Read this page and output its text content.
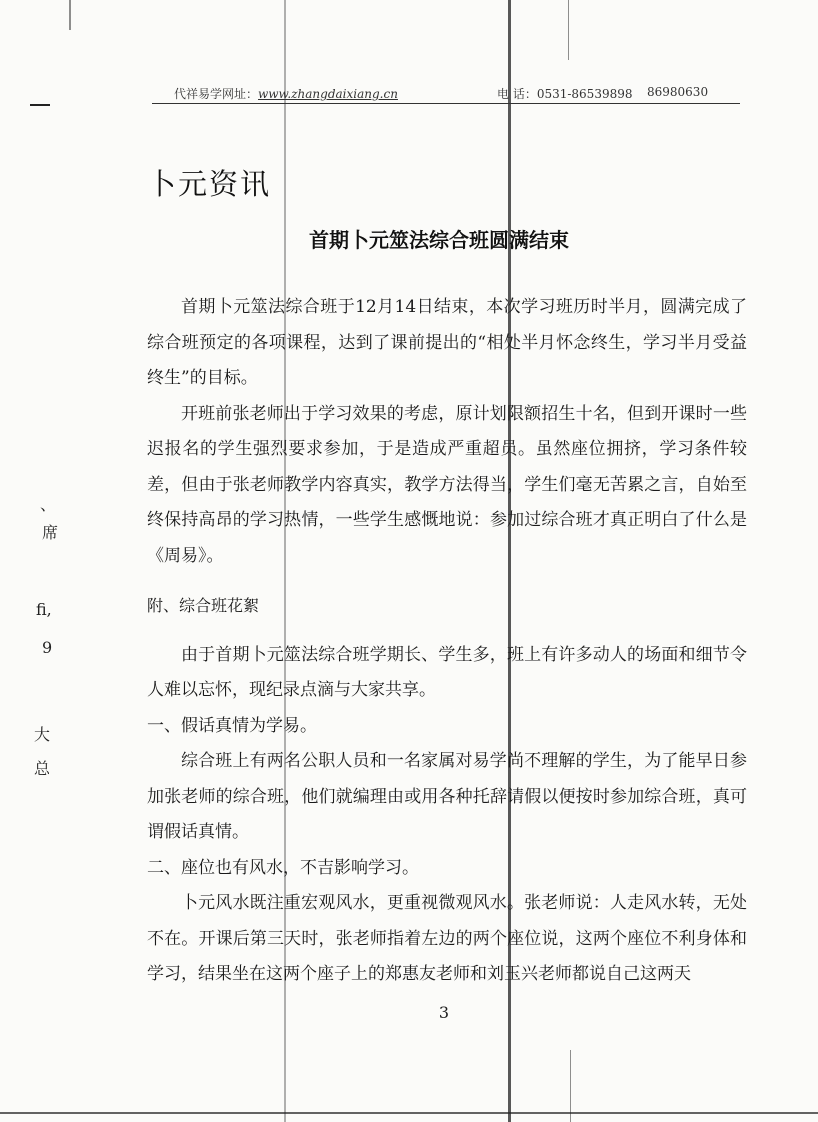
代祥易学网址：www.zhangdaixiang.cn	电 话：0531-86539898 86980630
卜元资讯
首期卜元筮法综合班圆满结束

首期卜元筮法综合班于12月14日结束，本次学习班历时半月，圆满完成了综合班预定的各项课程，达到了课前提出的“相处半月怀念终生，学习半月受益终生”的目标。

开班前张老师出于学习效果的考虑，原计划限额招生十名，但到开课时一些迟报名的学生强烈要求参加，于是造成严重超员。虽然座位拥挤，学习条件较差，但由于张老师教学内容真实，教学方法得当，学生们毫无苦累之言，自始至终保持高昂的学习热情，一些学生感慨地说：参加过综合班才真正明白了什么是《周易》。

附、综合班花絮

由于首期卜元筮法综合班学期长、学生多，班上有许多动人的场面和细节令人难以忘怀，现纪录点滴与大家共享。

一、假话真情为学易。

综合班上有两名公职人员和一名家属对易学尚不理解的学生，为了能早日参加张老师的综合班，他们就编理由或用各种托辞请假以便按时参加综合班，真可谓假话真情。

二、座位也有风水，不吉影响学习。

卜元风水既注重宏观风水，更重视微观风水。张老师说：人走风水转，无处不在。开课后第三天时，张老师指着左边的两个座位说，这两个座位不利身体和学习，结果坐在这两个座子上的郑惠友老师和刘玉兴老师都说自己这两天

3
、
席
fi,
9
大
总
